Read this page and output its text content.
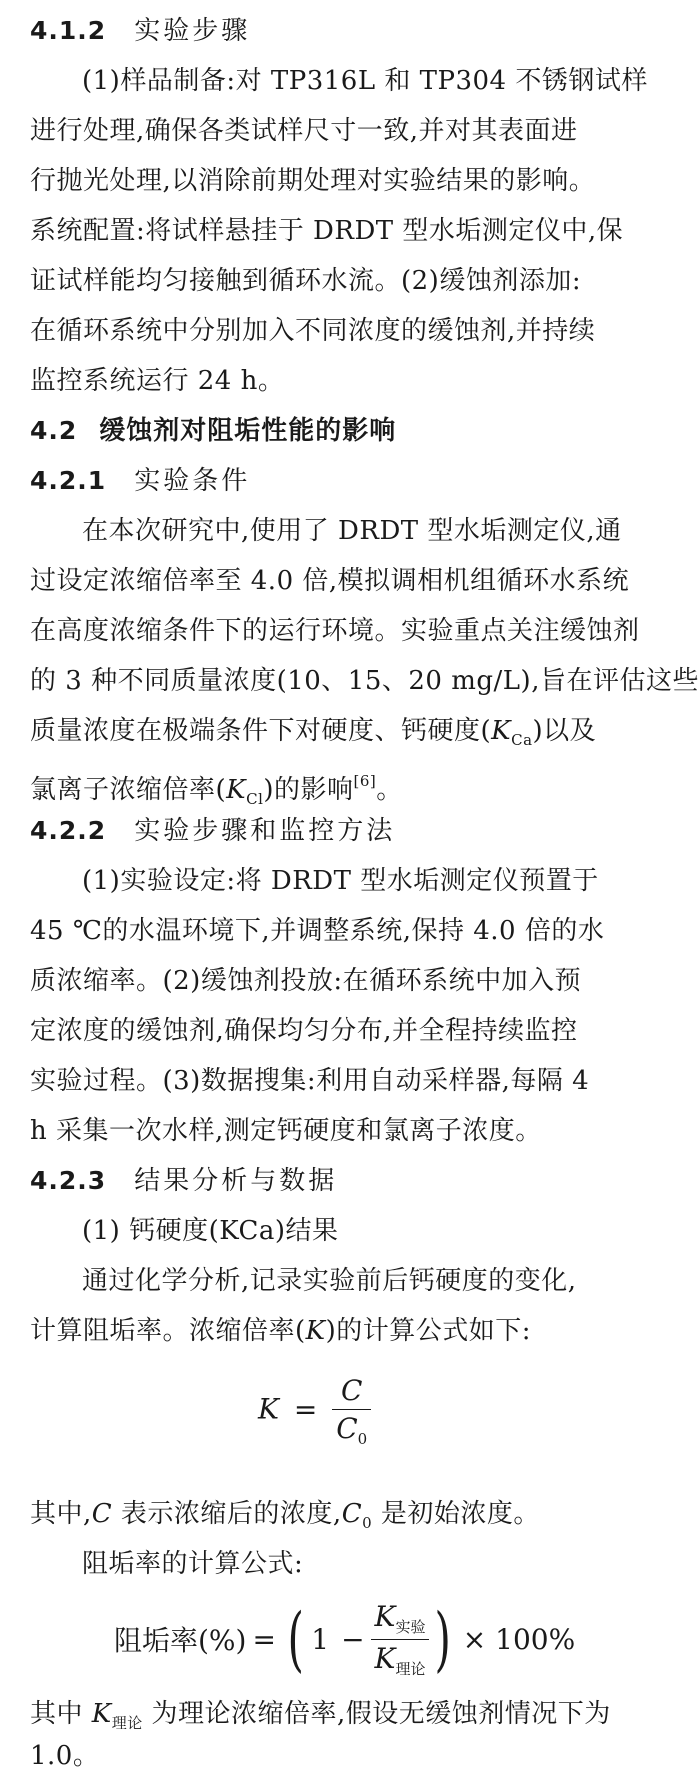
4.1.2 实验步骤
(1)样品制备:对 TP316L 和 TP304 不锈钢试样
进行处理,确保各类试样尺寸一致,并对其表面进
行抛光处理,以消除前期处理对实验结果的影响。
系统配置:将试样悬挂于 DRDT 型水垢测定仪中,保
证试样能均匀接触到循环水流。(2)缓蚀剂添加:
在循环系统中分别加入不同浓度的缓蚀剂,并持续
监控系统运行 24 h。
4.2 缓蚀剂对阻垢性能的影响
4.2.1 实验条件
在本次研究中,使用了 DRDT 型水垢测定仪,通
过设定浓缩倍率至 4.0 倍,模拟调相机组循环水系统
在高度浓缩条件下的运行环境。实验重点关注缓蚀剂
的 3 种不同质量浓度(10、15、20 mg/L),旨在评估这些
质量浓度在极端条件下对硬度、钙硬度$(K_{Ca})$以及
氯离子浓缩倍率$(K_{Cl})$的影响[6]。
4.2.2 实验步骤和监控方法
(1)实验设定:将 DRDT 型水垢测定仪预置于
45 ℃的水温环境下,并调整系统,保持 4.0 倍的水
质浓缩率。(2)缓蚀剂投放:在循环系统中加入预
定浓度的缓蚀剂,确保均匀分布,并全程持续监控
实验过程。(3)数据搜集:利用自动采样器,每隔 4
h 采集一次水样,测定钙硬度和氯离子浓度。
4.2.3 结果分析与数据
(1) 钙硬度(KCa)结果
通过化学分析,记录实验前后钙硬度的变化,
计算阻垢率。浓缩倍率(K)的计算公式如下:
$K = \frac{C}{C_0}$
其中,C 表示浓缩后的浓度$,C_0$ 是初始浓度。
阻垢率的计算公式:
阻垢率(%) = ( $1 - \frac{K_{实验}}{K_{理论}}$ ) × 100%
其中 $K_{理论}$ 为理论浓缩倍率,假设无缓蚀剂情况下为
1.0。
